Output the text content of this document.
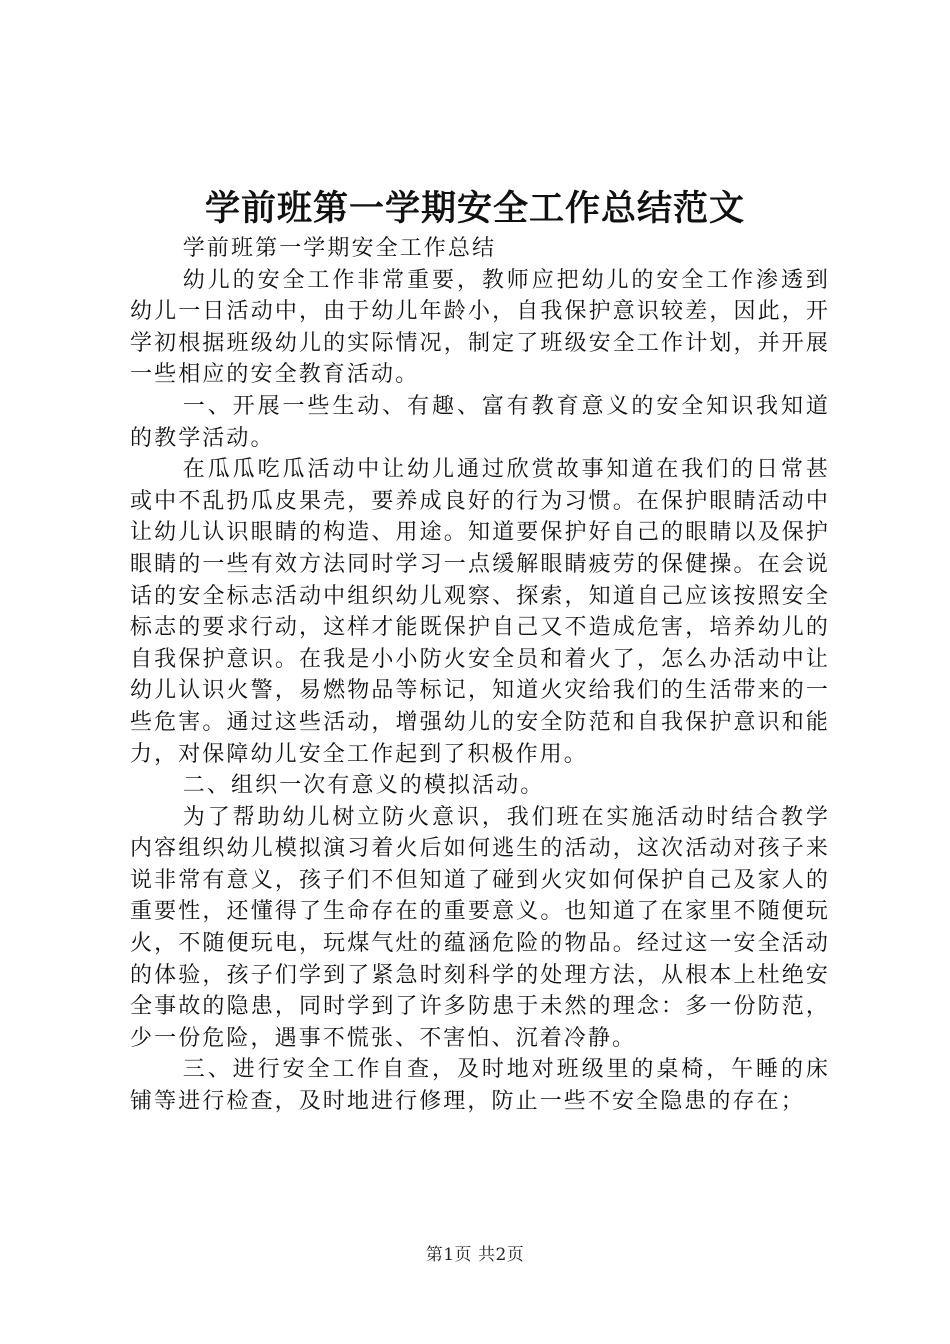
学前班第一学期安全工作总结范文

学前班第一学期安全工作总结

幼儿的安全工作非常重要，教师应把幼儿的安全工作渗透到幼儿一日活动中，由于幼儿年龄小，自我保护意识较差，因此，开学初根据班级幼儿的实际情况，制定了班级安全工作计划，并开展一些相应的安全教育活动。

一、开展一些生动、有趣、富有教育意义的安全知识我知道的教学活动。

在瓜瓜吃瓜活动中让幼儿通过欣赏故事知道在我们的日常甚或中不乱扔瓜皮果壳，要养成良好的行为习惯。在保护眼睛活动中让幼儿认识眼睛的构造、用途。知道要保护好自己的眼睛以及保护眼睛的一些有效方法同时学习一点缓解眼睛疲劳的保健操。在会说话的安全标志活动中组织幼儿观察、探索，知道自己应该按照安全标志的要求行动，这样才能既保护自己又不造成危害，培养幼儿的自我保护意识。在我是小小防火安全员和着火了，怎么办活动中让幼儿认识火警，易燃物品等标记，知道火灾给我们的生活带来的一些危害。通过这些活动，增强幼儿的安全防范和自我保护意识和能力，对保障幼儿安全工作起到了积极作用。

二、组织一次有意义的模拟活动。

为了帮助幼儿树立防火意识，我们班在实施活动时结合教学内容组织幼儿模拟演习着火后如何逃生的活动，这次活动对孩子来说非常有意义，孩子们不但知道了碰到火灾如何保护自己及家人的重要性，还懂得了生命存在的重要意义。也知道了在家里不随便玩火，不随便玩电，玩煤气灶的蕴涵危险的物品。经过这一安全活动的体验，孩子们学到了紧急时刻科学的处理方法，从根本上杜绝安全事故的隐患，同时学到了许多防患于未然的理念：多一份防范，少一份危险，遇事不慌张、不害怕、沉着冷静。

三、进行安全工作自查，及时地对班级里的桌椅，午睡的床铺等进行检查，及时地进行修理，防止一些不安全隐患的存在；

第1页 共2页
